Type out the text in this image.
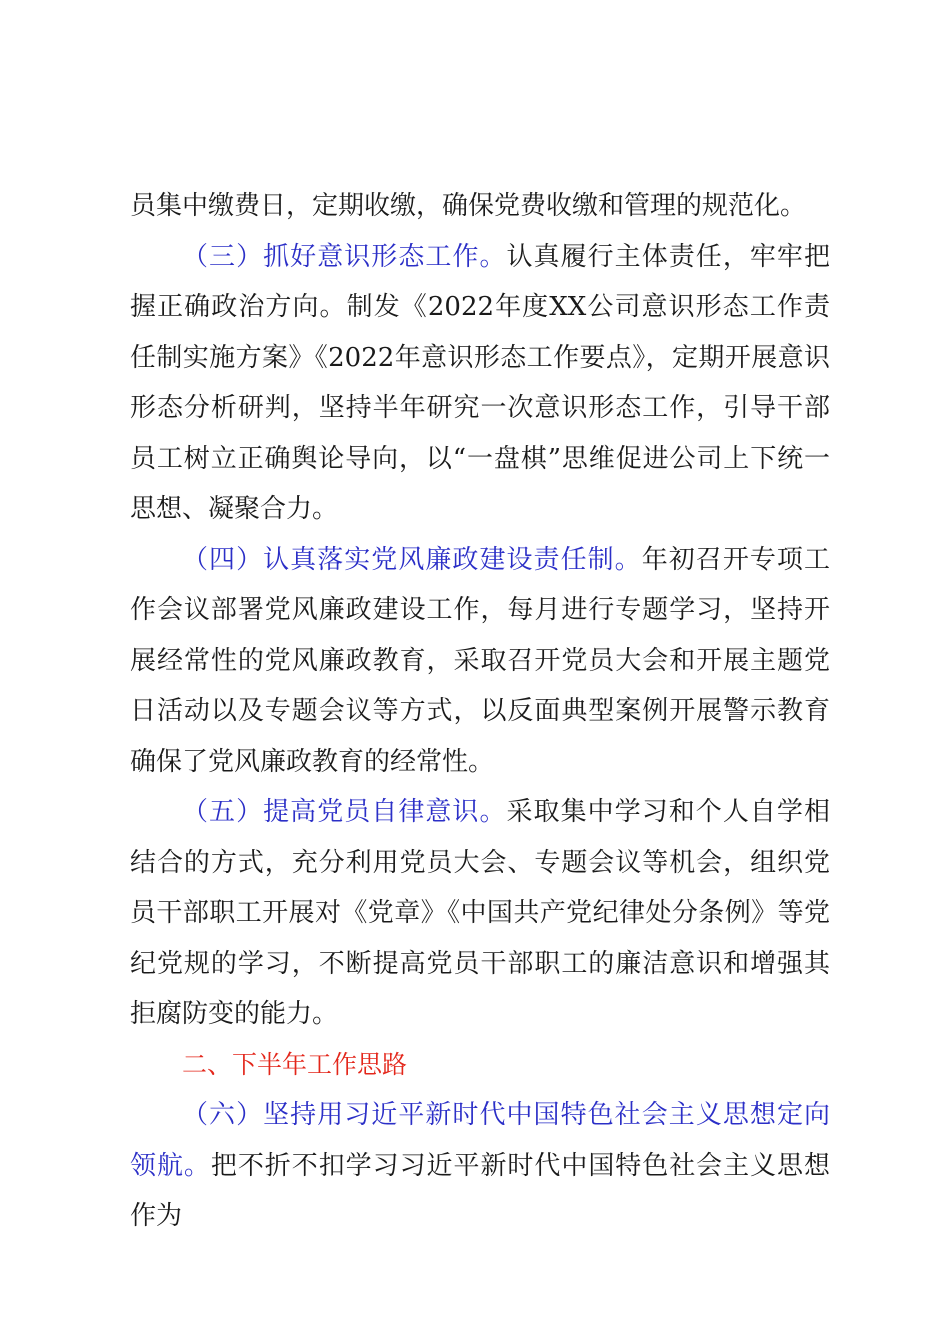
员集中缴费日，定期收缴，确保党费收缴和管理的规范化。

（三）抓好意识形态工作。认真履行主体责任，牢牢把握正确政治方向。制发《2022年度XX公司意识形态工作责任制实施方案》《2022年意识形态工作要点》，定期开展意识形态分析研判，坚持半年研究一次意识形态工作，引导干部员工树立正确舆论导向，以“一盘棋”思维促进公司上下统一思想、凝聚合力。

（四）认真落实党风廉政建设责任制。年初召开专项工作会议部署党风廉政建设工作，每月进行专题学习，坚持开展经常性的党风廉政教育，采取召开党员大会和开展主题党日活动以及专题会议等方式，以反面典型案例开展警示教育确保了党风廉政教育的经常性。

（五）提高党员自律意识。采取集中学习和个人自学相结合的方式，充分利用党员大会、专题会议等机会，组织党员干部职工开展对《党章》《中国共产党纪律处分条例》等党纪党规的学习，不断提高党员干部职工的廉洁意识和增强其拒腐防变的能力。

二、下半年工作思路

（六）坚持用习近平新时代中国特色社会主义思想定向领航。把不折不扣学习习近平新时代中国特色社会主义思想作为
